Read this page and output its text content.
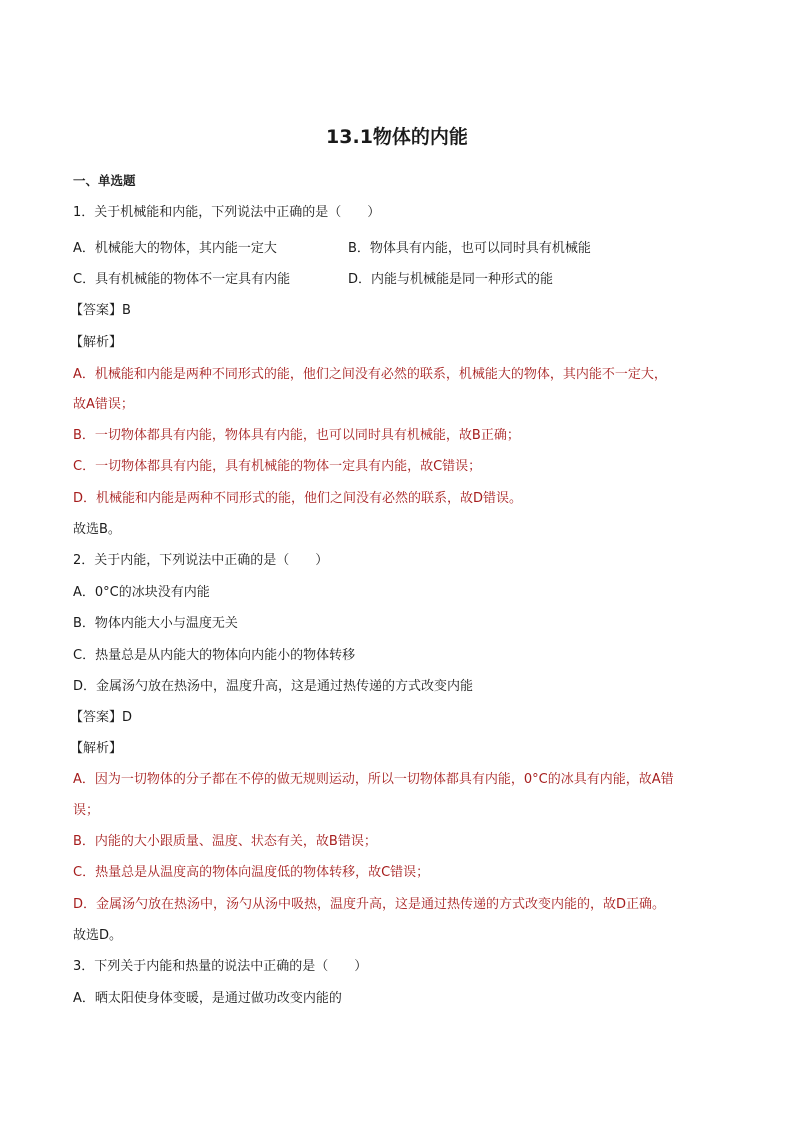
13.1物体的内能
一、单选题
1．关于机械能和内能，下列说法中正确的是（　　）
A．机械能大的物体，其内能一定大	B．物体具有内能，也可以同时具有机械能
C．具有机械能的物体不一定具有内能	D．内能与机械能是同一种形式的能
【答案】B
【解析】
A．机械能和内能是两种不同形式的能，他们之间没有必然的联系，机械能大的物体，其内能不一定大，
故A错误；
B．一切物体都具有内能，物体具有内能，也可以同时具有机械能，故B正确；
C．一切物体都具有内能，具有机械能的物体一定具有内能，故C错误；
D．机械能和内能是两种不同形式的能，他们之间没有必然的联系，故D错误。
故选B。
2．关于内能，下列说法中正确的是（　　）
A．0°C的冰块没有内能
B．物体内能大小与温度无关
C．热量总是从内能大的物体向内能小的物体转移
D．金属汤勺放在热汤中，温度升高，这是通过热传递的方式改变内能
【答案】D
【解析】
A．因为一切物体的分子都在不停的做无规则运动，所以一切物体都具有内能，0°C的冰具有内能，故A错
误；
B．内能的大小跟质量、温度、状态有关，故B错误；
C．热量总是从温度高的物体向温度低的物体转移，故C错误；
D．金属汤勺放在热汤中，汤勺从汤中吸热，温度升高，这是通过热传递的方式改变内能的，故D正确。
故选D。
3．下列关于内能和热量的说法中正确的是（　　）
A．晒太阳使身体变暖，是通过做功改变内能的
